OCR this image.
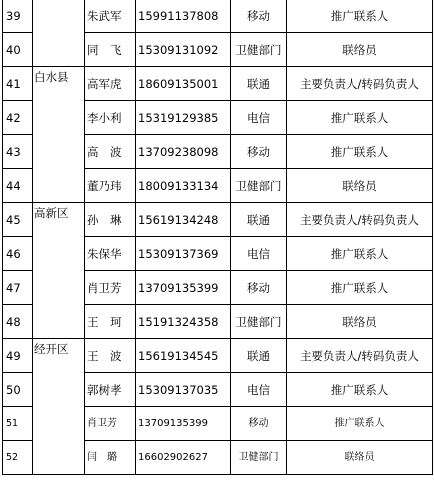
39		朱武军	15991137808	移动	推广联系人
40		同　飞	15309131092	卫健部门	联络员
41	白水县	高军虎	18609135001	联通	主要负责人/转码负责人
42		李小利	15319129385	电信	推广联系人
43		高　波	13709238098	移动	推广联系人
44		董乃玮	18009133134	卫健部门	联络员
45	高新区	孙　琳	15619134248	联通	主要负责人/转码负责人
46		朱保华	15309137369	电信	推广联系人
47		肖卫芳	13709135399	移动	推广联系人
48		王　珂	15191324358	卫健部门	联络员
49	经开区	王　波	15619134545	联通	主要负责人/转码负责人
50		郭树孝	15309137035	电信	推广联系人
51		肖卫芳	13709135399	移动	推广联系人
52		闫　璐	16602902627	卫健部门	联络员
